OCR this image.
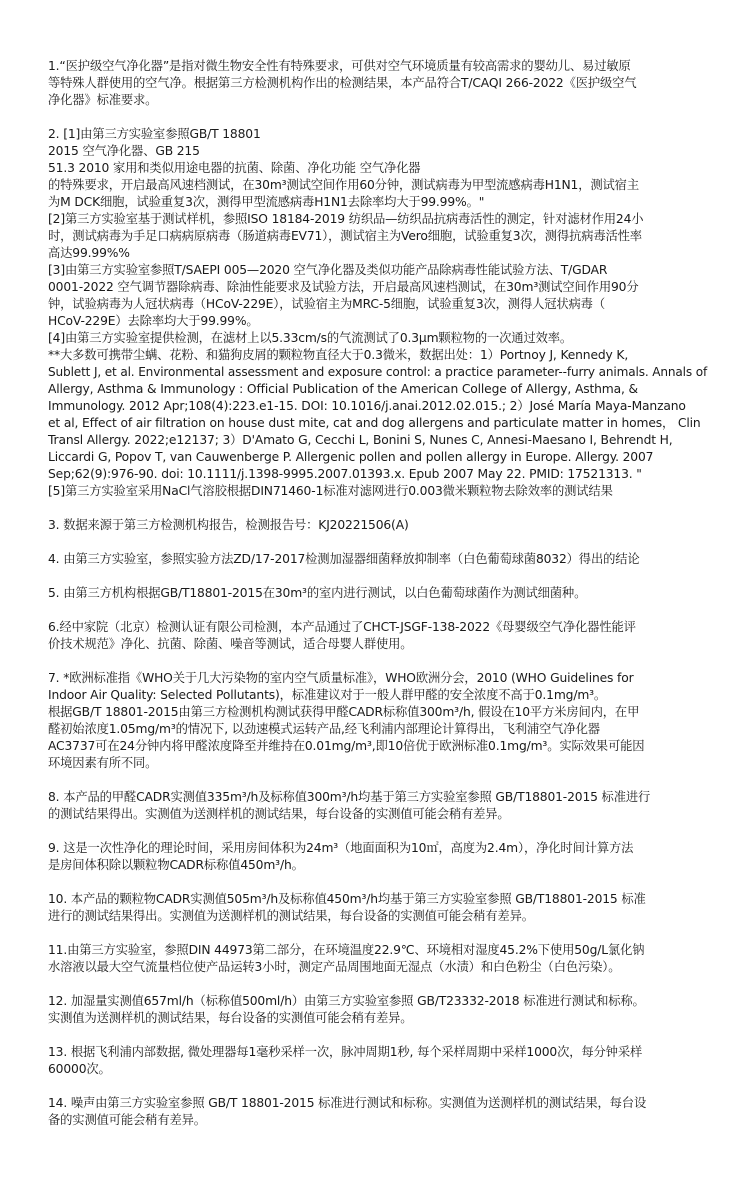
1.“医护级空气净化器”是指对微生物安全性有特殊要求，可供对空气环境质量有较高需求的婴幼儿、易过敏原
等特殊人群使用的空气净。根据第三方检测机构作出的检测结果，本产品符合T/CAQI 266-2022《医护级空气
净化器》标准要求。
2. [1]由第三方实验室参照GB/T 18801
2015 空气净化器、GB 215
51.3 2010 家用和类似用途电器的抗菌、除菌、净化功能 空气净化器
的特殊要求，开启最高风速档测试，在30m³测试空间作用60分钟，测试病毒为甲型流感病毒H1N1，测试宿主
为M DCK细胞，试验重复3次，测得甲型流感病毒H1N1去除率均大于99.99%。"
[2]第三方实验室基于测试样机，参照ISO 18184-2019 纺织品—纺织品抗病毒活性的测定，针对滤材作用24小
时，测试病毒为手足口病病原病毒（肠道病毒EV71），测试宿主为Vero细胞，试验重复3次，测得抗病毒活性率
高达99.99%%
[3]由第三方实验室参照T/SAEPI 005—2020 空气净化器及类似功能产品除病毒性能试验方法、T/GDAR
0001-2022 空气调节器除病毒、除油性能要求及试验方法，开启最高风速档测试，在30m³测试空间作用90分
钟，试验病毒为人冠状病毒（HCoV-229E），试验宿主为MRC-5细胞，试验重复3次，测得人冠状病毒（
HCoV-229E）去除率均大于99.99%。
[4]由第三方实验室提供检测，在滤材上以5.33cm/s的气流测试了0.3μm颗粒物的一次通过效率。
**大多数可携带尘螨、花粉、和猫狗皮屑的颗粒物直径大于0.3微米，数据出处：1）Portnoy J, Kennedy K,
Sublett J, et al. Environmental assessment and exposure control: a practice parameter--furry animals. Annals of
Allergy, Asthma & Immunology : Official Publication of the American College of Allergy, Asthma, &
Immunology. 2012 Apr;108(4):223.e1-15. DOI: 10.1016/j.anai.2012.02.015.; 2）José María Maya‐Manzano
et al, Effect of air filtration on house dust mite, cat and dog allergens and particulate matter in homes， Clin
Transl Allergy. 2022;e12137; 3）D'Amato G, Cecchi L, Bonini S, Nunes C, Annesi-Maesano I, Behrendt H,
Liccardi G, Popov T, van Cauwenberge P. Allergenic pollen and pollen allergy in Europe. Allergy. 2007
Sep;62(9):976-90. doi: 10.1111/j.1398-9995.2007.01393.x. Epub 2007 May 22. PMID: 17521313. "
[5]第三方实验室采用NaCl气溶胶根据DIN71460-1标准对滤网进行0.003微米颗粒物去除效率的测试结果
3. 数据来源于第三方检测机构报告，检测报告号：KJ20221506(A)
4. 由第三方实验室，参照实验方法ZD/17-2017检测加湿器细菌释放抑制率（白色葡萄球菌8032）得出的结论
5. 由第三方机构根据GB/T18801-2015在30m³的室内进行测试，以白色葡萄球菌作为测试细菌种。
6.经中家院（北京）检测认证有限公司检测，本产品通过了CHCT-JSGF-138-2022《母婴级空气净化器性能评
价技术规范》净化、抗菌、除菌、噪音等测试，适合母婴人群使用。
7. *欧洲标准指《WHO关于几大污染物的室内空气质量标准》，WHO欧洲分会，2010 (WHO Guidelines for
Indoor Air Quality: Selected Pollutants)，标准建议对于一般人群甲醛的安全浓度不高于0.1mg/m³。
根据GB/T 18801-2015由第三方检测机构测试获得甲醛CADR标称值300m³/h, 假设在10平方米房间内，在甲
醛初始浓度1.05mg/m³的情况下, 以劲速模式运转产品,经飞利浦内部理论计算得出，飞利浦空气净化器
AC3737可在24分钟内将甲醛浓度降至并维持在0.01mg/m³,即10倍优于欧洲标准0.1mg/m³。实际效果可能因
环境因素有所不同。
8. 本产品的甲醛CADR实测值335m³/h及标称值300m³/h均基于第三方实验室参照 GB/T18801-2015 标准进行
的测试结果得出。实测值为送测样机的测试结果，每台设备的实测值可能会稍有差异。
9. 这是一次性净化的理论时间，采用房间体积为24m³（地面面积为10㎡，高度为2.4m），净化时间计算方法
是房间体积除以颗粒物CADR标称值450m³/h。
10. 本产品的颗粒物CADR实测值505m³/h及标称值450m³/h均基于第三方实验室参照 GB/T18801-2015 标准
进行的测试结果得出。实测值为送测样机的测试结果，每台设备的实测值可能会稍有差异。
11.由第三方实验室，参照DIN 44973第二部分，在环境温度22.9℃、环境相对湿度45.2%下使用50g/L氯化钠
水溶液以最大空气流量档位使产品运转3小时，测定产品周围地面无湿点（水渍）和白色粉尘（白色污染）。
12. 加湿量实测值657ml/h（标称值500ml/h）由第三方实验室参照 GB/T23332-2018 标准进行测试和标称。
实测值为送测样机的测试结果，每台设备的实测值可能会稍有差异。
13. 根据飞利浦内部数据, 微处理器每1毫秒采样一次，脉冲周期1秒, 每个采样周期中采样1000次，每分钟采样
60000次。
14. 噪声由第三方实验室参照 GB/T 18801-2015 标准进行测试和标称。实测值为送测样机的测试结果，每台设
备的实测值可能会稍有差异。
